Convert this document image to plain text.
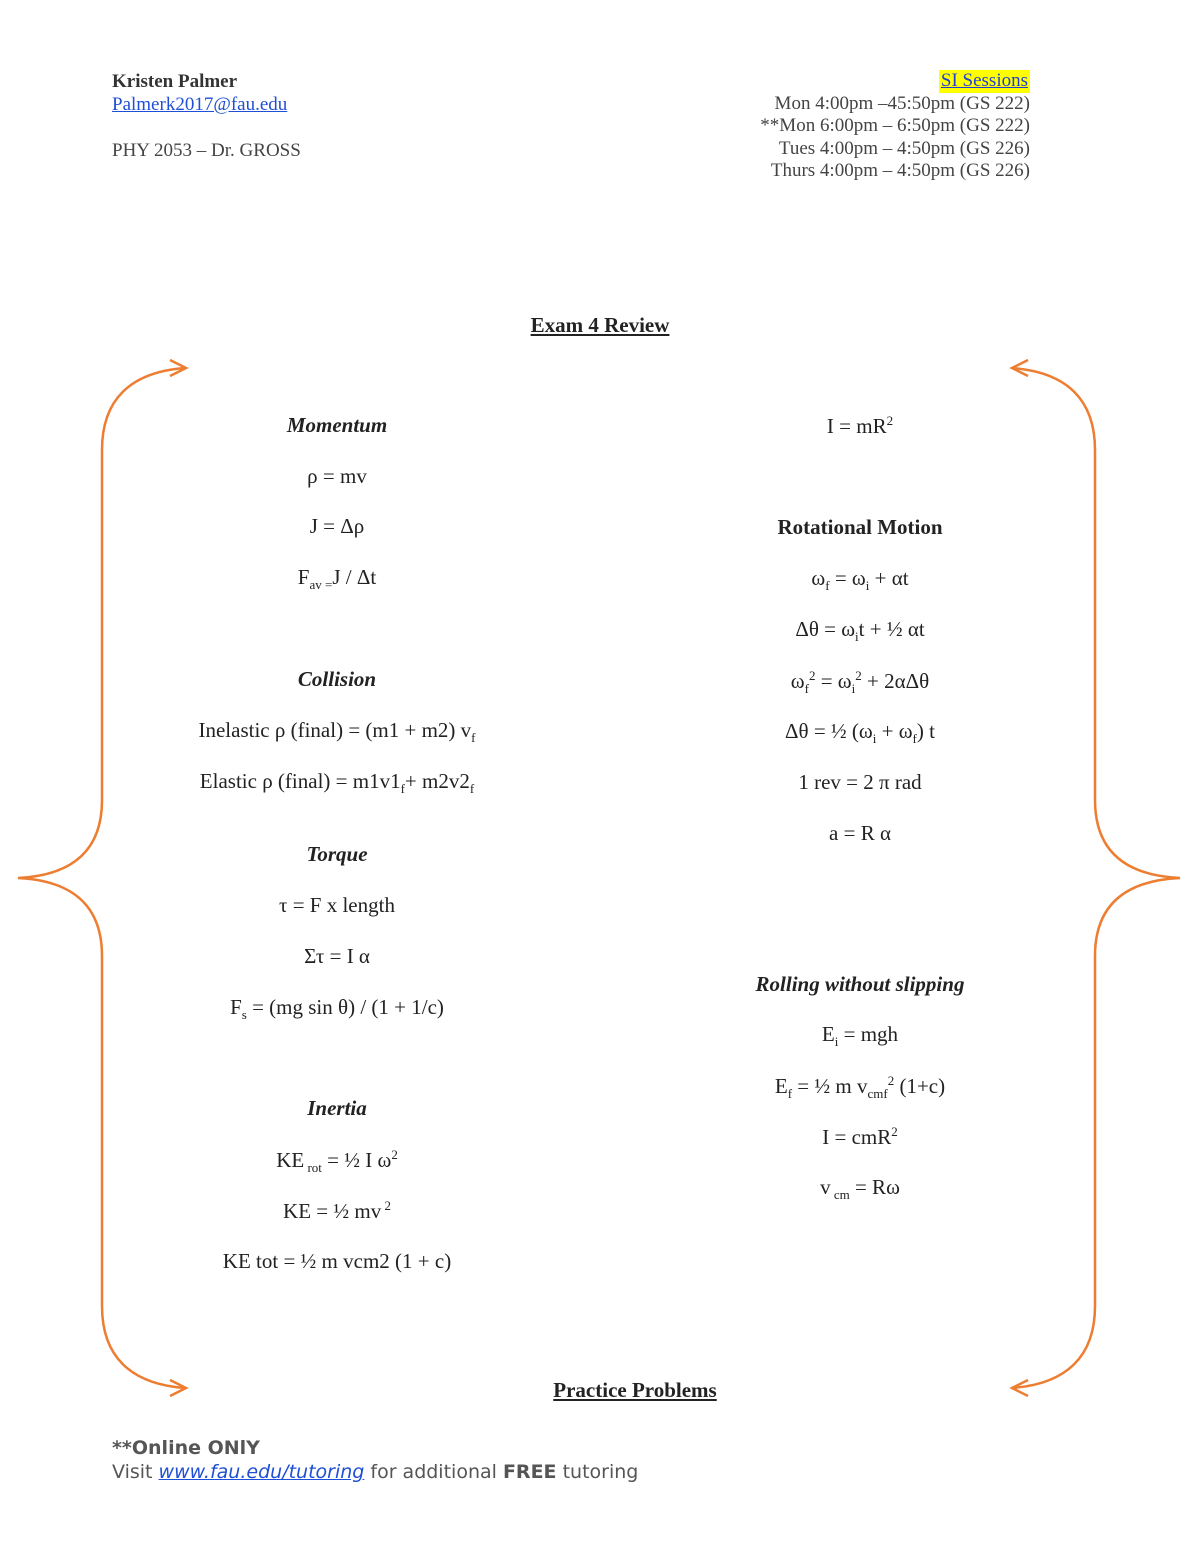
Kristen Palmer
Palmerk2017@fau.edu
PHY 2053 – Dr. GROSS
SI Sessions
Mon 4:00pm –45:50pm (GS 222)
**Mon 6:00pm – 6:50pm (GS 222)
Tues 4:00pm – 4:50pm (GS 226)
Thurs 4:00pm – 4:50pm (GS 226)
Exam 4 Review
Momentum
ρ = mv
J = Δρ
$F_{av =}J$ / Δt
Collision
Inelastic ρ (final) = (m1 + m2) $v_f$
Elastic ρ (final) = $m1v1_f+ m2v2_f$
Torque
τ = F x length
Στ = I α
$F_s = (mg$ sin θ) / (1 + 1/c)
Inertia
KE $_{rot}$ = ½ I $\omega^2$
KE = ½ mv $^2$
KE tot = ½ m vcm2 (1 + c)
$I = mR^2$
Rotational Motion
$\omega_f = \omega_i + \alpha t$
$\Delta\theta = \omega_it$ + ½ αt
$\omega_f^2 = \omega_i^2 + 2\alpha\Delta\theta$
Δθ = ½ $(\omega_i + \omega_f)$ t
1 rev = 2 π rad
a = R α
Rolling without slipping
$E_i$ = mgh
$E_f$ = ½ m $v_{cmf}^2$ (1+c)
I = cmR$^2$
v $_{cm}$ = Rω
Practice Problems
**Online ONlY
Visit www.fau.edu/tutoring for additional FREE tutoring
